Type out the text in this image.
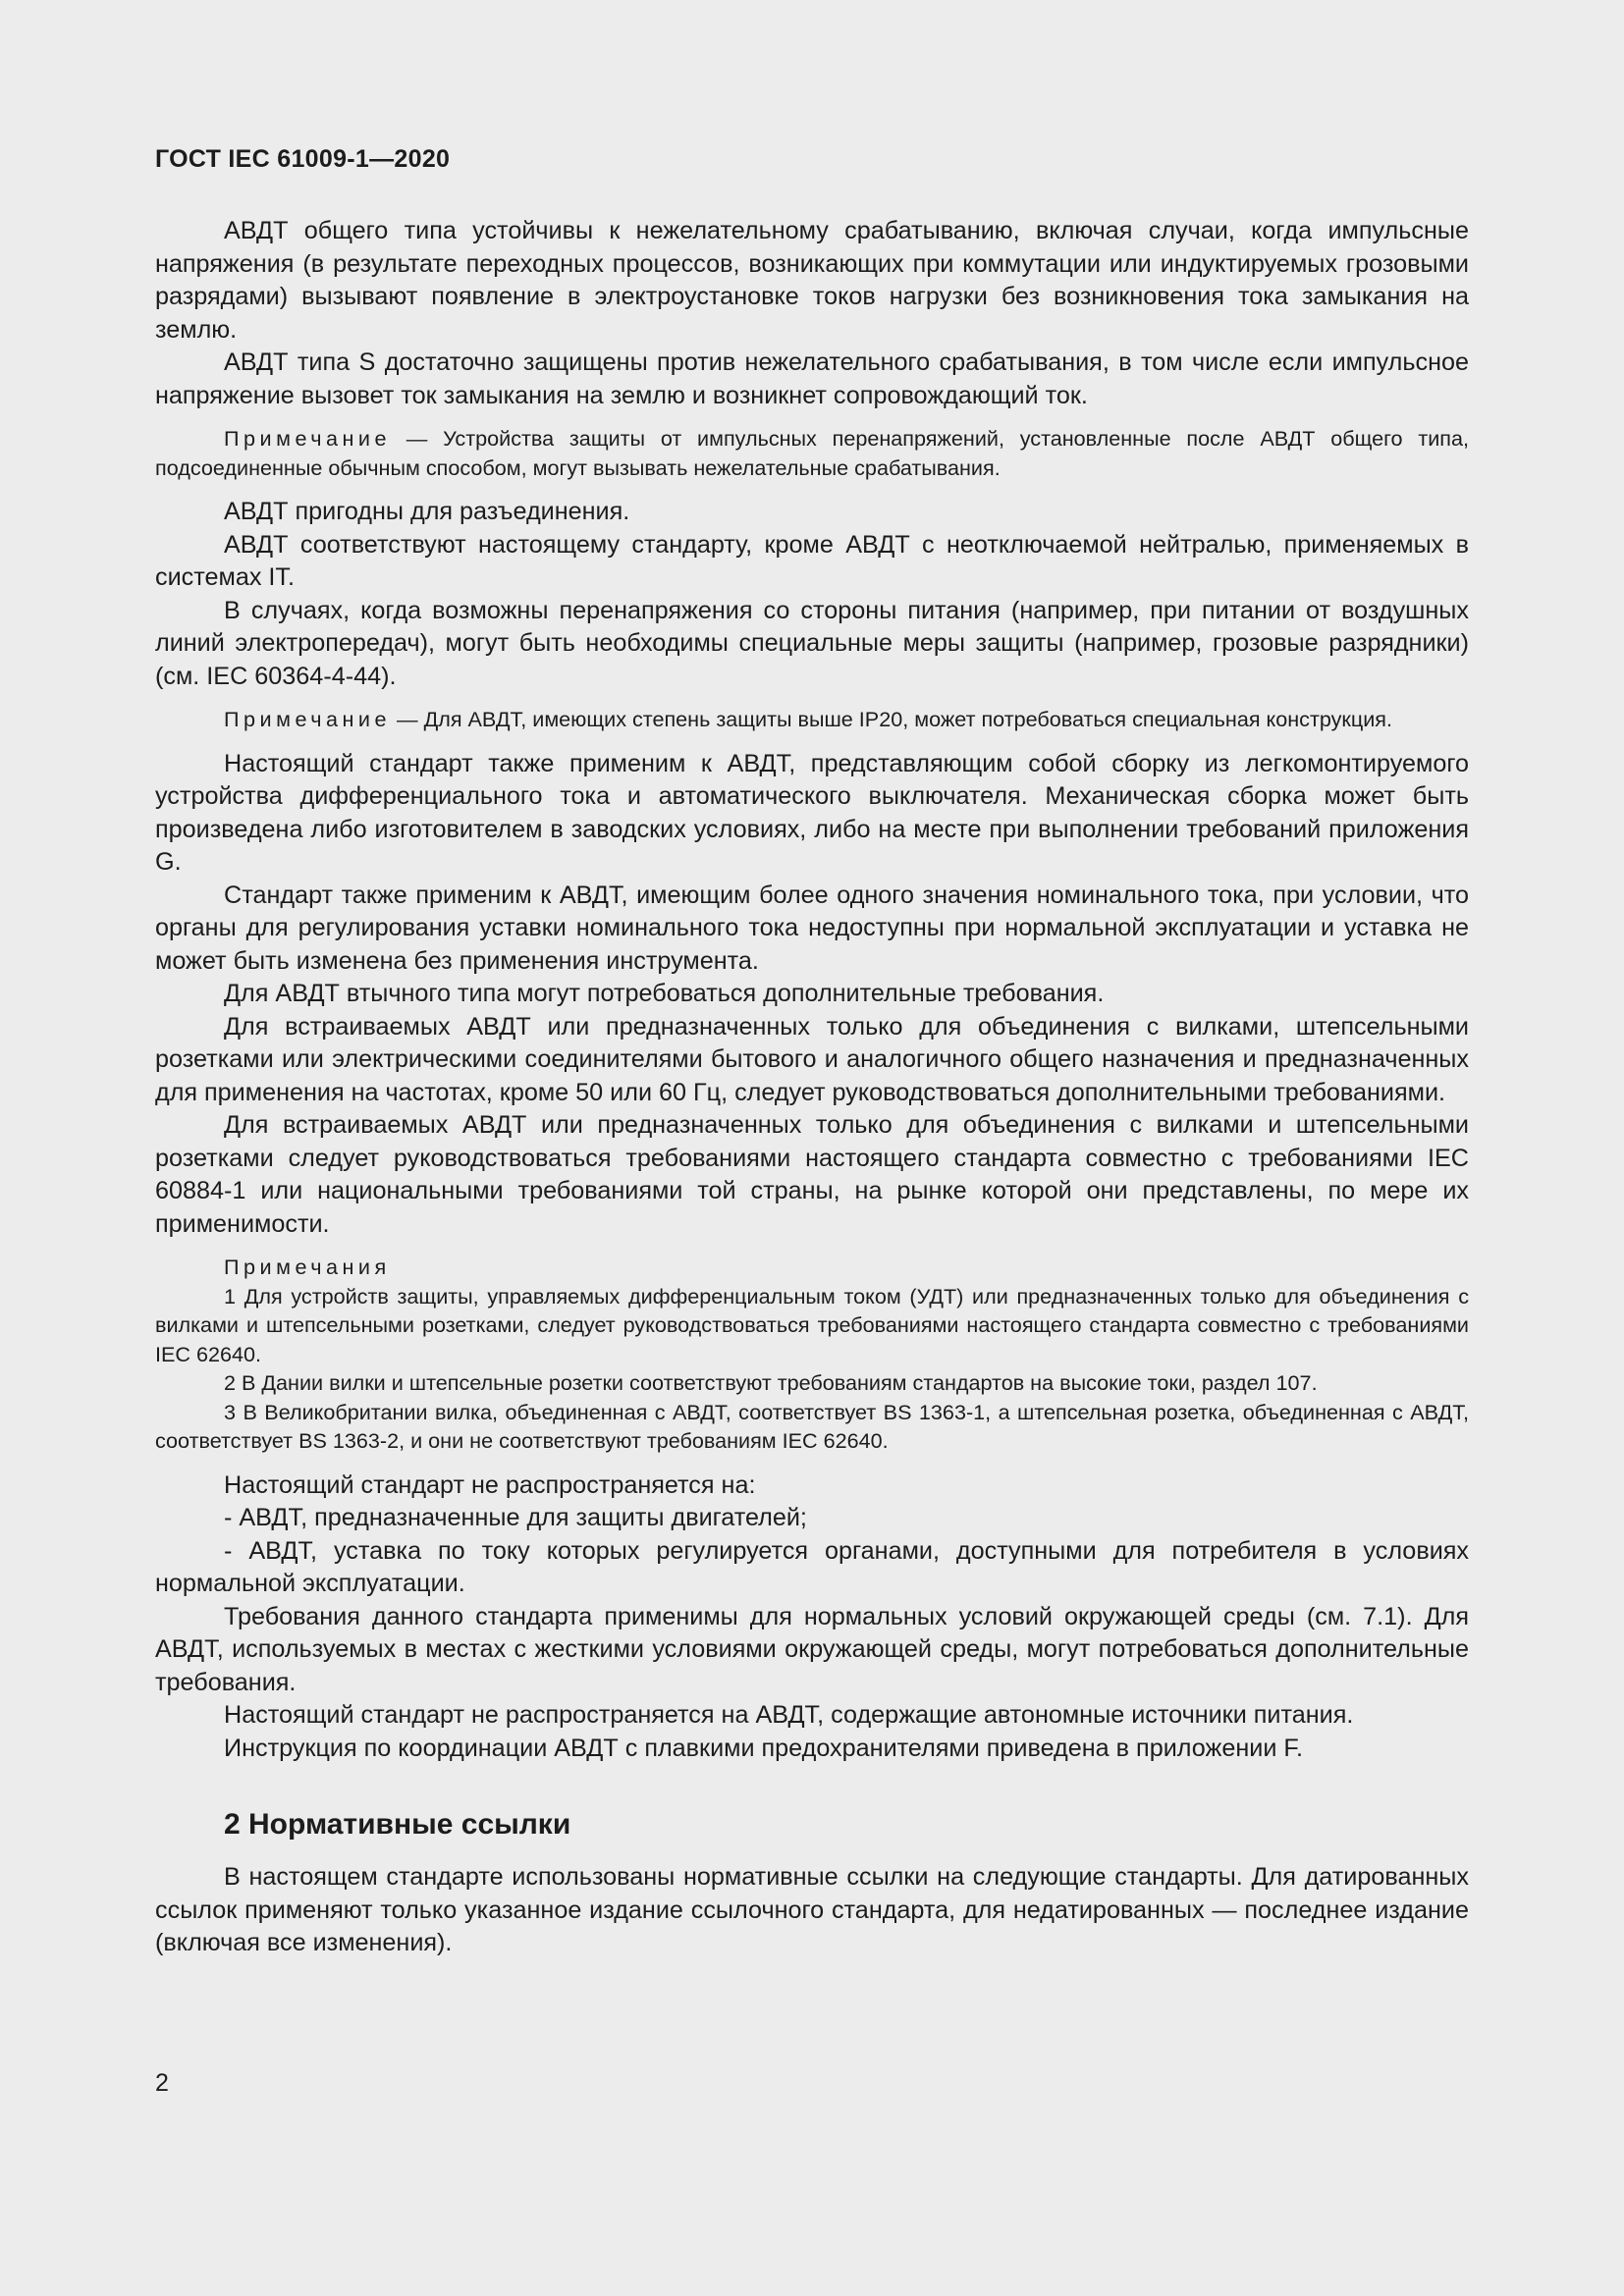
ГОСТ IEC 61009-1—2020

АВДТ общего типа устойчивы к нежелательному срабатыванию, включая случаи, когда импульсные напряжения (в результате переходных процессов, возникающих при коммутации или индуктируемых грозовыми разрядами) вызывают появление в электроустановке токов нагрузки без возникновения тока замыкания на землю.

АВДТ типа S достаточно защищены против нежелательного срабатывания, в том числе если импульсное напряжение вызовет ток замыкания на землю и возникнет сопровождающий ток.

Примечание — Устройства защиты от импульсных перенапряжений, установленные после АВДТ общего типа, подсоединенные обычным способом, могут вызывать нежелательные срабатывания.

АВДТ пригодны для разъединения.

АВДТ соответствуют настоящему стандарту, кроме АВДТ с неотключаемой нейтралью, применяемых в системах IT.

В случаях, когда возможны перенапряжения со стороны питания (например, при питании от воздушных линий электропередач), могут быть необходимы специальные меры защиты (например, грозовые разрядники) (см. IEC 60364-4-44).

Примечание — Для АВДТ, имеющих степень защиты выше IP20, может потребоваться специальная конструкция.

Настоящий стандарт также применим к АВДТ, представляющим собой сборку из легкомонтируемого устройства дифференциального тока и автоматического выключателя. Механическая сборка может быть произведена либо изготовителем в заводских условиях, либо на месте при выполнении требований приложения G.

Стандарт также применим к АВДТ, имеющим более одного значения номинального тока, при условии, что органы для регулирования уставки номинального тока недоступны при нормальной эксплуатации и уставка не может быть изменена без применения инструмента.

Для АВДТ втычного типа могут потребоваться дополнительные требования.

Для встраиваемых АВДТ или предназначенных только для объединения с вилками, штепсельными розетками или электрическими соединителями бытового и аналогичного общего назначения и предназначенных для применения на частотах, кроме 50 или 60 Гц, следует руководствоваться дополнительными требованиями.

Для встраиваемых АВДТ или предназначенных только для объединения с вилками и штепсельными розетками следует руководствоваться требованиями настоящего стандарта совместно с требованиями IEC 60884-1 или национальными требованиями той страны, на рынке которой они представлены, по мере их применимости.

Примечания

1 Для устройств защиты, управляемых дифференциальным током (УДТ) или предназначенных только для объединения с вилками и штепсельными розетками, следует руководствоваться требованиями настоящего стандарта совместно с требованиями IEC 62640.

2 В Дании вилки и штепсельные розетки соответствуют требованиям стандартов на высокие токи, раздел 107.

3 В Великобритании вилка, объединенная с АВДТ, соответствует BS 1363-1, а штепсельная розетка, объединенная с АВДТ, соответствует BS 1363-2, и они не соответствуют требованиям IEC 62640.

Настоящий стандарт не распространяется на:

- АВДТ, предназначенные для защиты двигателей;

- АВДТ, уставка по току которых регулируется органами, доступными для потребителя в условиях нормальной эксплуатации.

Требования данного стандарта применимы для нормальных условий окружающей среды (см. 7.1). Для АВДТ, используемых в местах с жесткими условиями окружающей среды, могут потребоваться дополнительные требования.

Настоящий стандарт не распространяется на АВДТ, содержащие автономные источники питания.

Инструкция по координации АВДТ с плавкими предохранителями приведена в приложении F.

2 Нормативные ссылки

В настоящем стандарте использованы нормативные ссылки на следующие стандарты. Для датированных ссылок применяют только указанное издание ссылочного стандарта, для недатированных — последнее издание (включая все изменения).

2
